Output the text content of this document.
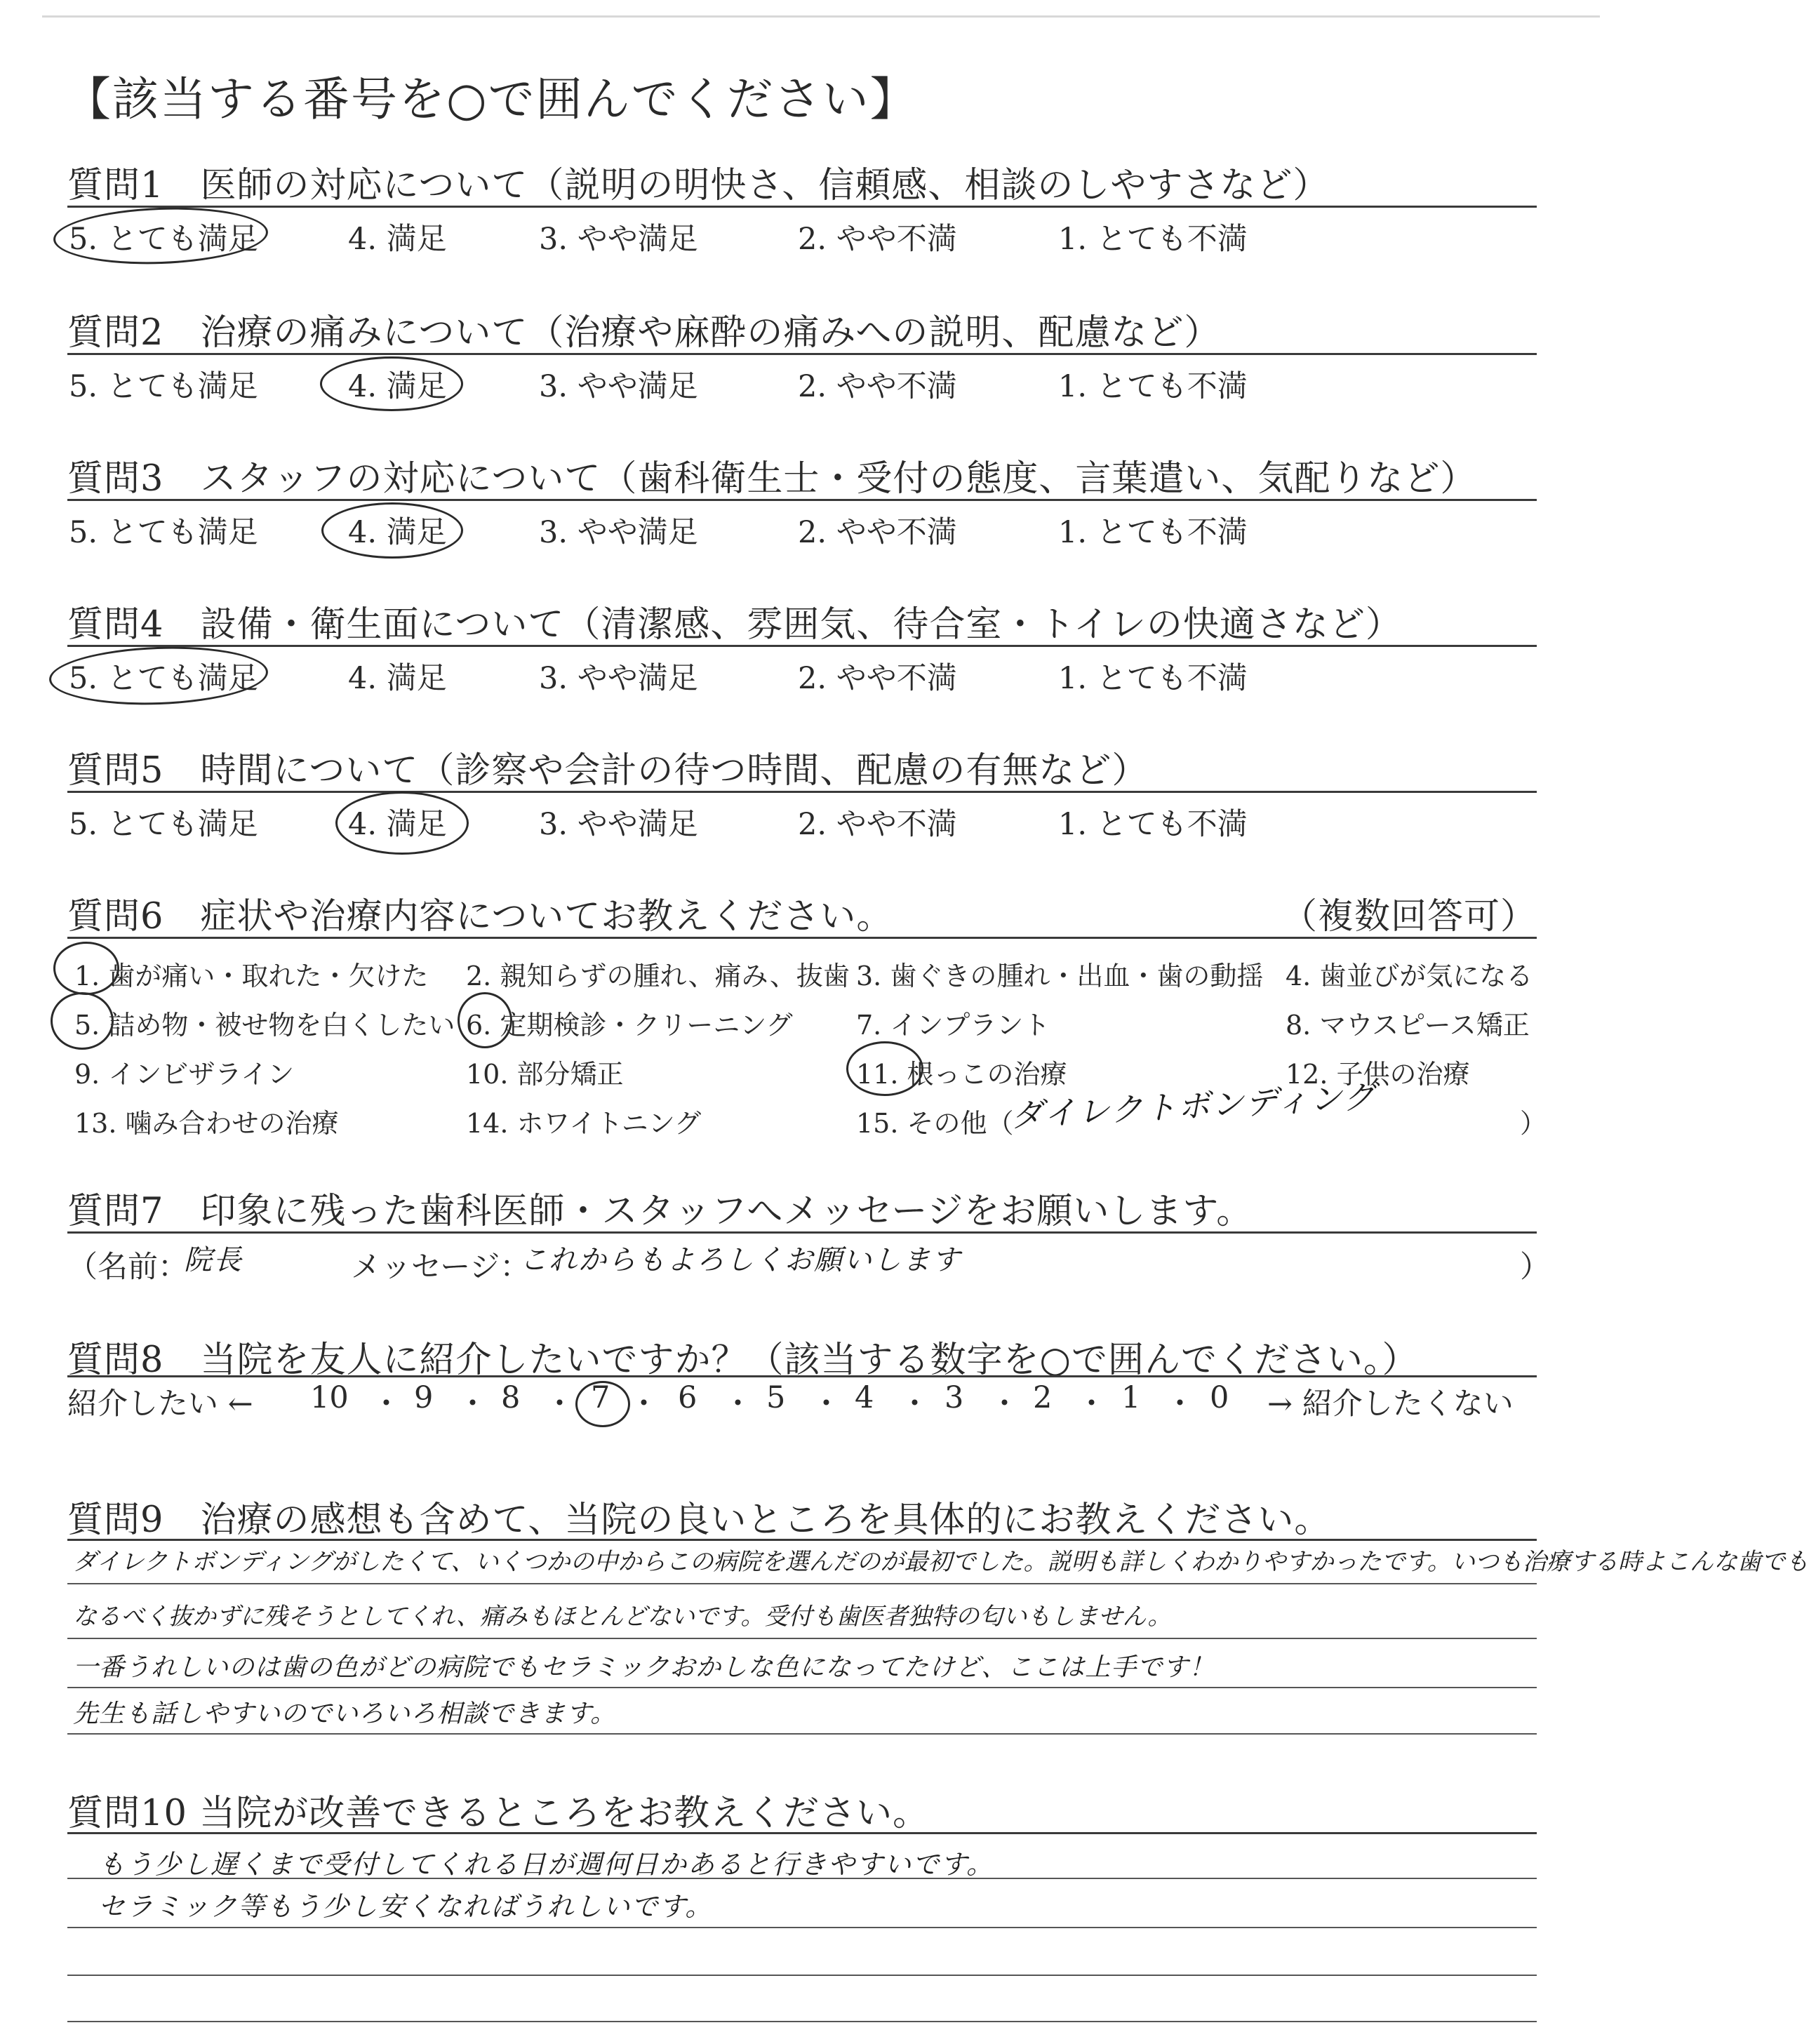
【該当する番号を○で囲んでください】
質問1　医師の対応について（説明の明快さ、信頼感、相談のしやすさなど）
5. とても満足	4. 満足	3. やや満足	2. やや不満	1. とても不満
質問2　治療の痛みについて（治療や麻酔の痛みへの説明、配慮など）
5. とても満足	4. 満足	3. やや満足	2. やや不満	1. とても不満
質問3　スタッフの対応について（歯科衛生士・受付の態度、言葉遣い、気配りなど）
5. とても満足	4. 満足	3. やや満足	2. やや不満	1. とても不満
質問4　設備・衛生面について（清潔感、雰囲気、待合室・トイレの快適さなど）
5. とても満足	4. 満足	3. やや満足	2. やや不満	1. とても不満
質問5　時間について（診察や会計の待つ時間、配慮の有無など）
5. とても満足	4. 満足	3. やや満足	2. やや不満	1. とても不満
質問6　症状や治療内容についてお教えください。	（複数回答可）
1. 歯が痛い・取れた・欠けた 2. 親知らずの腫れ、痛み、抜歯 3. 歯ぐきの腫れ・出血・歯の動揺 4. 歯並びが気になる
5. 詰め物・被せ物を白くしたい 6. 定期検診・クリーニング 7. インプラント	8. マウスピース矯正
9. インビザライン	10. 部分矯正	11. 根っこの治療	12. 子供の治療
13. 噛み合わせの治療	14. ホワイトニング	15. その他（
ダイレクトボンディング	）
質問7　印象に残った歯科医師・スタッフへメッセージをお願いします。
（名前：
院長	メッセージ：
これからもよろしくお願いします	）
質問8　当院を友人に紹介したいですか？（該当する数字を○で囲んでください。）
紹介したい ← 10 ・ 9 ・ 8 ・ 7 ・ 6 ・ 5 ・ 4 ・ 3 ・ 2 ・ 1 ・ 0 → 紹介したくない
質問9　治療の感想も含めて、当院の良いところを具体的にお教えください。
ダイレクトボンディングがしたくて、いくつかの中からこの病院を選んだのが最初でした。説明も詳しくわかりやすかったです。いつも治療する時よこんな歯でも
なるべく抜かずに残そうとしてくれ、痛みもほとんどないです。受付も歯医者独特の匂いもしません。
一番うれしいのは歯の色がどの病院でもセラミックおかしな色になってたけど、ここは上手です！
先生も話しやすいのでいろいろ相談できます。
質問10 当院が改善できるところをお教えください。
もう少し遅くまで受付してくれる日が週何日かあると行きやすいです。
セラミック等もう少し安くなればうれしいです。
